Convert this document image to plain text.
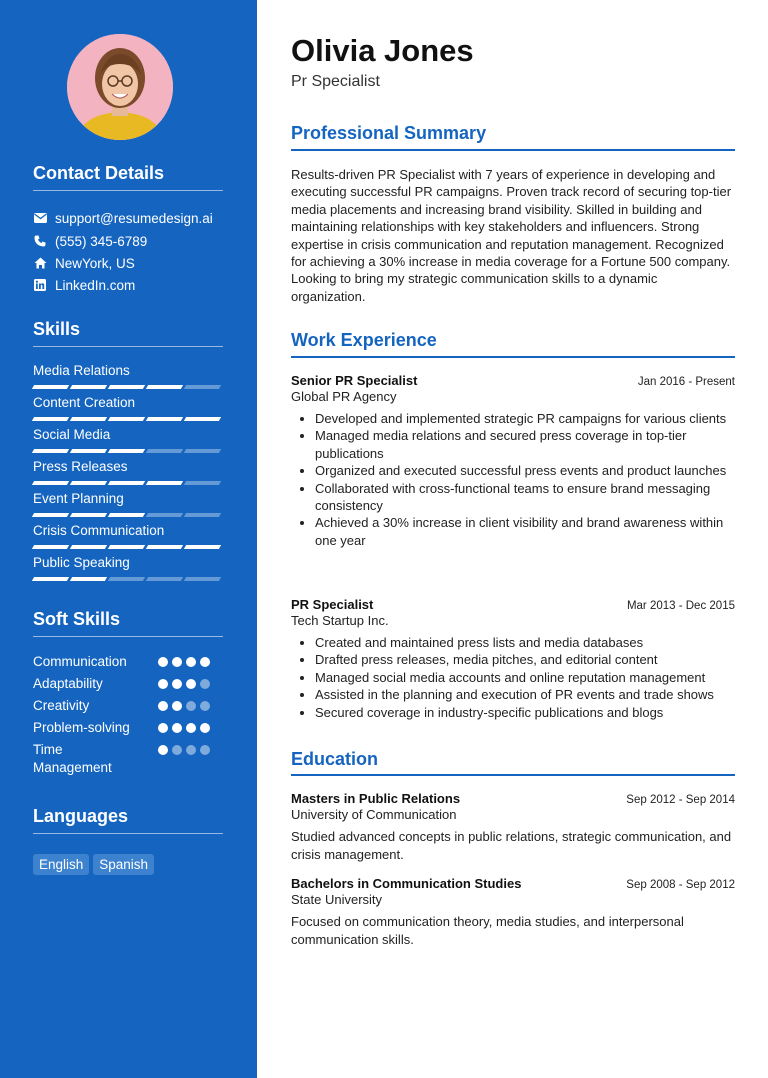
Contact Details
support@resumedesign.ai
(555) 345-6789
NewYork, US
LinkedIn.com
Skills
Media Relations
Content Creation
Social Media
Press Releases
Event Planning
Crisis Communication
Public Speaking
Soft Skills
Communication
Adaptability
Creativity
Problem-solving
Time Management
Languages
English	Spanish
Olivia Jones
Pr Specialist
Professional Summary
Results-driven PR Specialist with 7 years of experience in developing and executing successful PR campaigns. Proven track record of securing top-tier media placements and increasing brand visibility. Skilled in building and maintaining relationships with key stakeholders and influencers. Strong expertise in crisis communication and reputation management. Recognized for achieving a 30% increase in media coverage for a Fortune 500 company. Looking to bring my strategic communication skills to a dynamic organization.
Work Experience
Senior PR Specialist	Jan 2016 - Present
Global PR Agency
• Developed and implemented strategic PR campaigns for various clients
• Managed media relations and secured press coverage in top-tier publications
• Organized and executed successful press events and product launches
• Collaborated with cross-functional teams to ensure brand messaging consistency
• Achieved a 30% increase in client visibility and brand awareness within one year
PR Specialist	Mar 2013 - Dec 2015
Tech Startup Inc.
• Created and maintained press lists and media databases
• Drafted press releases, media pitches, and editorial content
• Managed social media accounts and online reputation management
• Assisted in the planning and execution of PR events and trade shows
• Secured coverage in industry-specific publications and blogs
Education
Masters in Public Relations	Sep 2012 - Sep 2014
University of Communication
Studied advanced concepts in public relations, strategic communication, and crisis management.
Bachelors in Communication Studies	Sep 2008 - Sep 2012
State University
Focused on communication theory, media studies, and interpersonal communication skills.
